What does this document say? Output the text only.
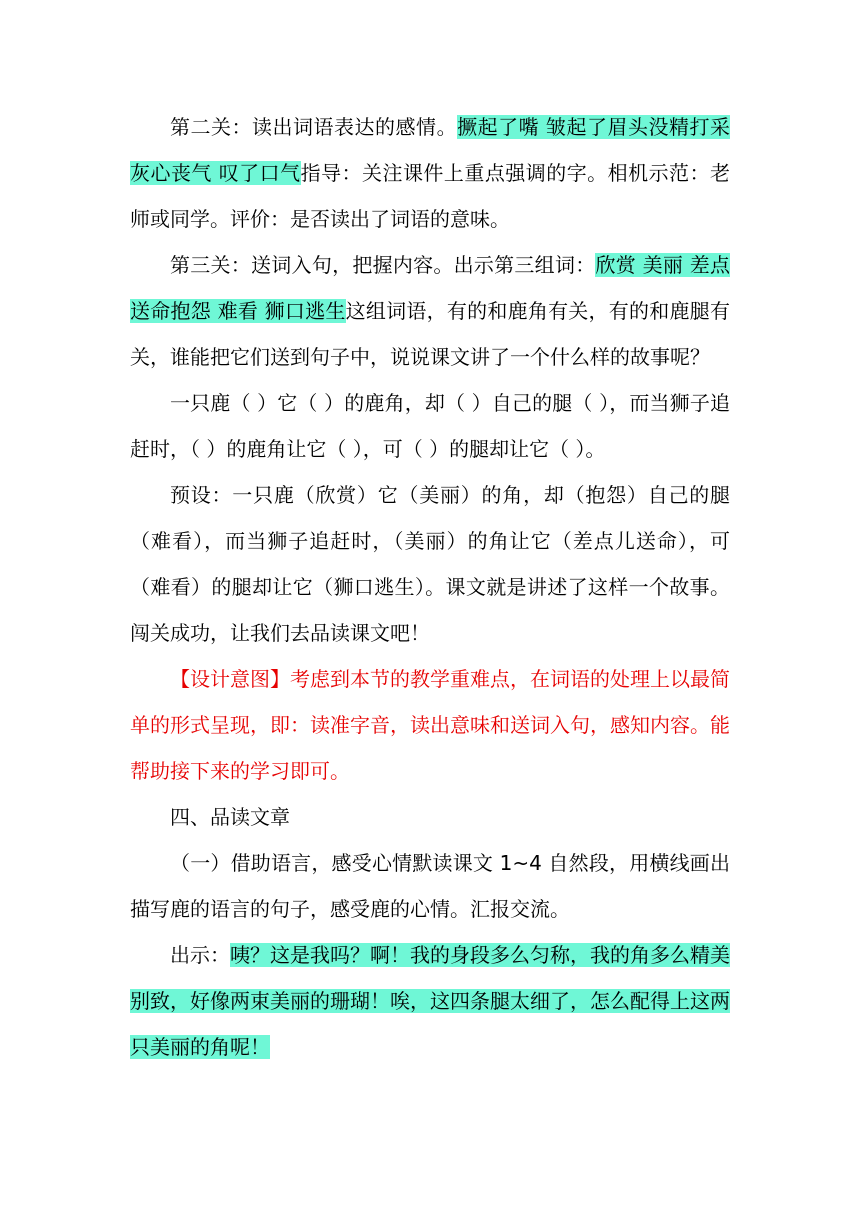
第二关：读出词语表达的感情。撅起了嘴 皱起了眉头没精打采灰心丧气 叹了口气指导：关注课件上重点强调的字。相机示范：老师或同学。评价：是否读出了词语的意味。

第三关：送词入句，把握内容。出示第三组词：欣赏 美丽 差点送命抱怨 难看 狮口逃生这组词语，有的和鹿角有关，有的和鹿腿有关，谁能把它们送到句子中，说说课文讲了一个什么样的故事呢？

一只鹿（ ）它（ ）的鹿角，却（ ）自己的腿（ ），而当狮子追赶时，（ ）的鹿角让它（ ），可（ ）的腿却让它（ ）。

预设：一只鹿（欣赏）它（美丽）的角，却（抱怨）自己的腿（难看），而当狮子追赶时，（美丽）的角让它（差点儿送命），可（难看）的腿却让它（狮口逃生）。课文就是讲述了这样一个故事。闯关成功，让我们去品读课文吧！

【设计意图】考虑到本节的教学重难点，在词语的处理上以最简单的形式呈现，即：读准字音，读出意味和送词入句，感知内容。能帮助接下来的学习即可。

四、品读文章

（一）借助语言，感受心情默读课文 1~4 自然段，用横线画出描写鹿的语言的句子，感受鹿的心情。汇报交流。

出示：咦？这是我吗？啊！我的身段多么匀称，我的角多么精美别致，好像两束美丽的珊瑚！唉，这四条腿太细了，怎么配得上这两只美丽的角呢！
